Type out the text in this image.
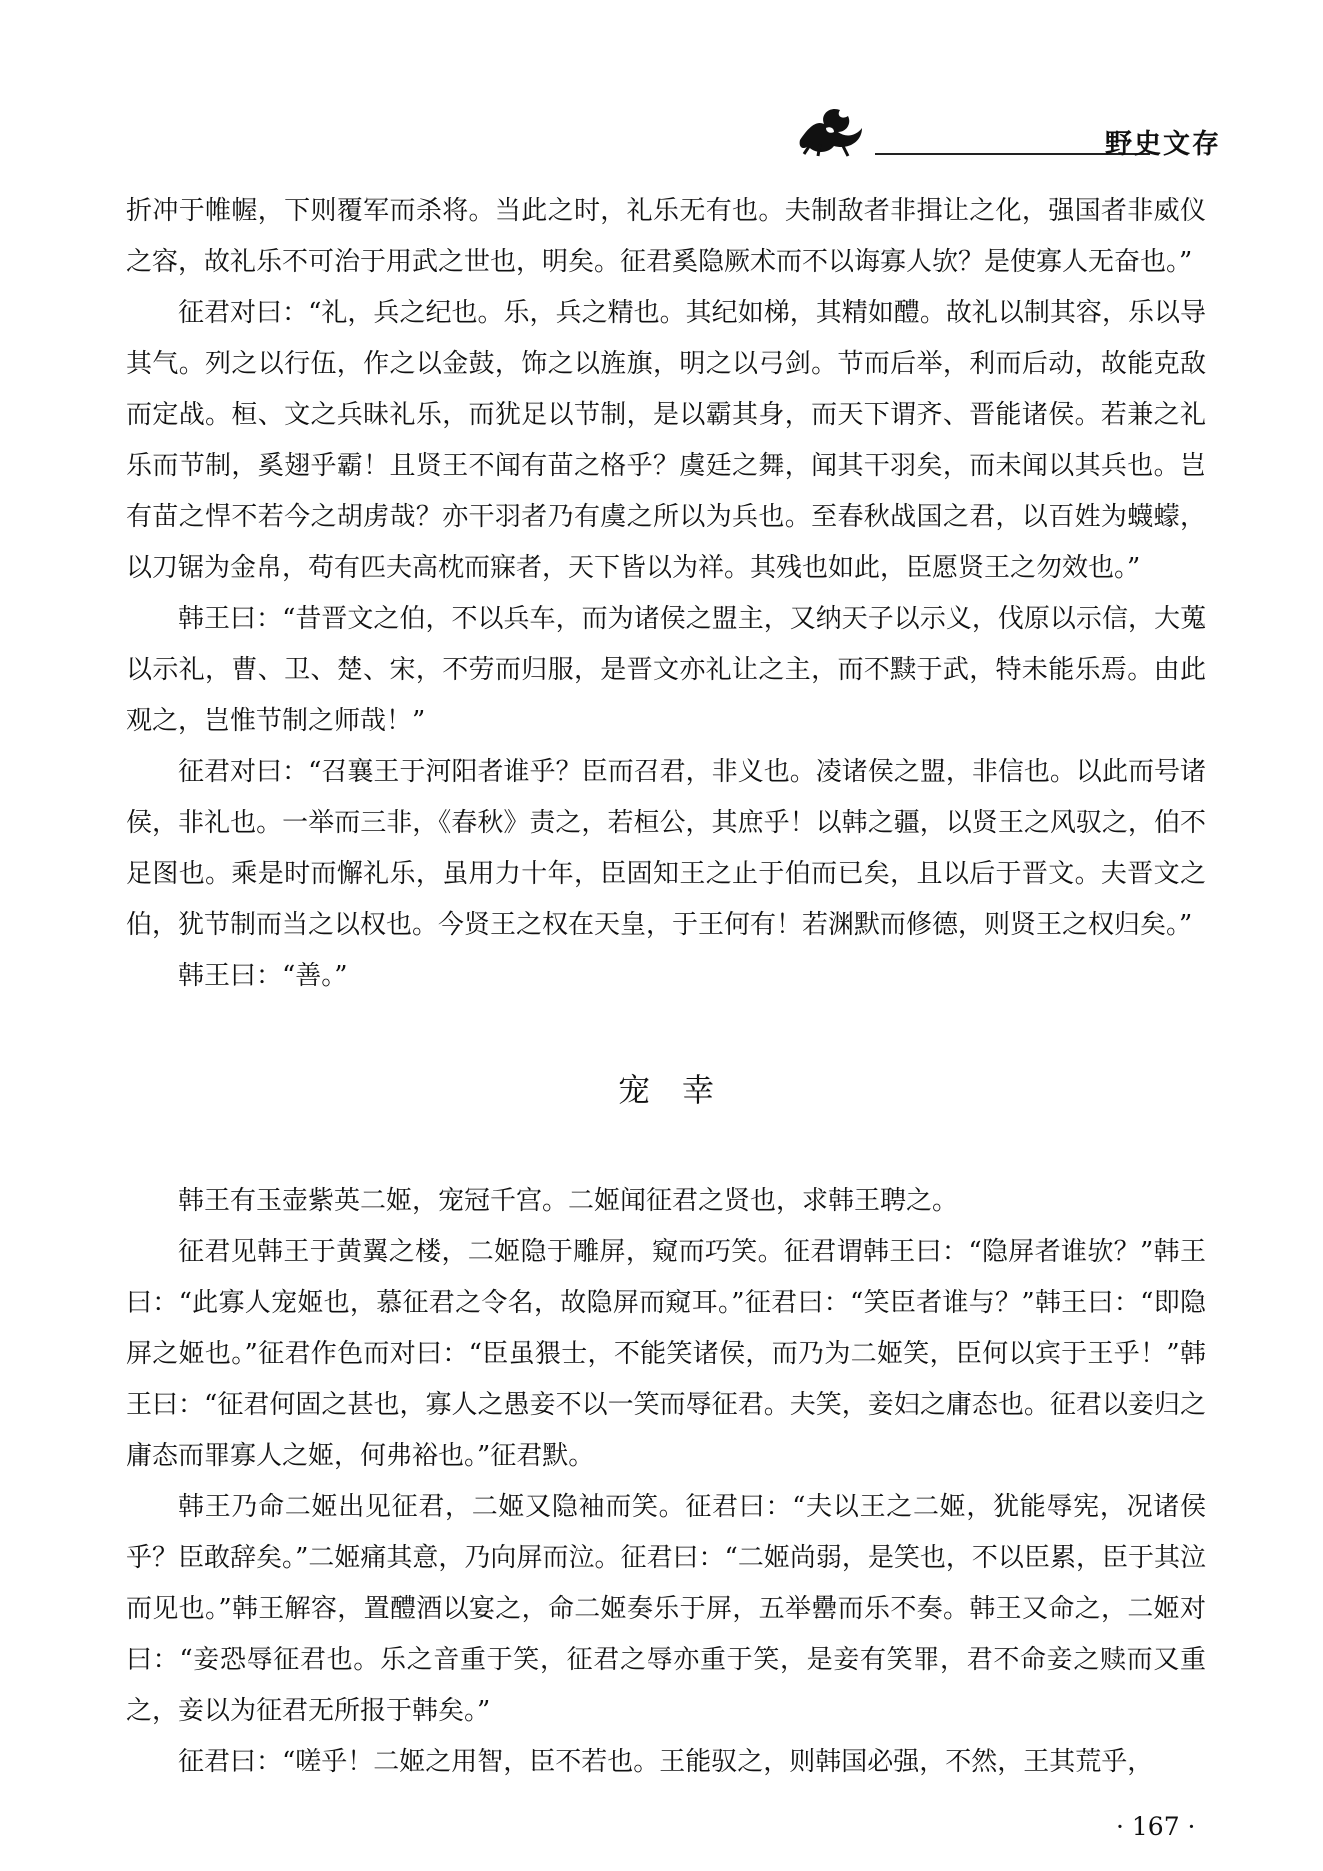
野史文存

折冲于帷幄，下则覆军而杀将。当此之时，礼乐无有也。夫制敌者非揖让之化，强国者非威仪之容，故礼乐不可治于用武之世也，明矣。征君奚隐厥术而不以诲寡人欤？是使寡人无奋也。”

征君对曰：“礼，兵之纪也。乐，兵之精也。其纪如梯，其精如醴。故礼以制其容，乐以导其气。列之以行伍，作之以金鼓，饰之以旌旗，明之以弓剑。节而后举，利而后动，故能克敌而定战。桓、文之兵昧礼乐，而犹足以节制，是以霸其身，而天下谓齐、晋能诸侯。若兼之礼乐而节制，奚翅乎霸！且贤王不闻有苗之格乎？虞廷之舞，闻其干羽矣，而未闻以其兵也。岂有苗之悍不若今之胡虏哉？亦干羽者乃有虞之所以为兵也。至春秋战国之君，以百姓为蠛蠓，以刀锯为金帛，苟有匹夫高枕而寐者，天下皆以为祥。其残也如此，臣愿贤王之勿效也。”

韩王曰：“昔晋文之伯，不以兵车，而为诸侯之盟主，又纳天子以示义，伐原以示信，大蒐以示礼，曹、卫、楚、宋，不劳而归服，是晋文亦礼让之主，而不黩于武，特未能乐焉。由此观之，岂惟节制之师哉！”

征君对曰：“召襄王于河阳者谁乎？臣而召君，非义也。凌诸侯之盟，非信也。以此而号诸侯，非礼也。一举而三非，《春秋》责之，若桓公，其庶乎！以韩之疆，以贤王之风驭之，伯不足图也。乘是时而懈礼乐，虽用力十年，臣固知王之止于伯而已矣，且以后于晋文。夫晋文之伯，犹节制而当之以权也。今贤王之权在天皇，于王何有！若渊默而修德，则贤王之权归矣。”

韩王曰：“善。”

宠幸

韩王有玉壶紫英二姬，宠冠千宫。二姬闻征君之贤也，求韩王聘之。

征君见韩王于黄翼之楼，二姬隐于雕屏，窥而巧笑。征君谓韩王曰：“隐屏者谁欤？”韩王曰：“此寡人宠姬也，慕征君之令名，故隐屏而窥耳。”征君曰：“笑臣者谁与？”韩王曰：“即隐屏之姬也。”征君作色而对曰：“臣虽猥士，不能笑诸侯，而乃为二姬笑，臣何以宾于王乎！”韩王曰：“征君何固之甚也，寡人之愚妾不以一笑而辱征君。夫笑，妾妇之庸态也。征君以妾归之庸态而罪寡人之姬，何弗裕也。”征君默。

韩王乃命二姬出见征君，二姬又隐袖而笑。征君曰：“夫以王之二姬，犹能辱宪，况诸侯乎？臣敢辞矣。”二姬痛其意，乃向屏而泣。征君曰：“二姬尚弱，是笑也，不以臣累，臣于其泣而见也。”韩王解容，置醴酒以宴之，命二姬奏乐于屏，五举罍而乐不奏。韩王又命之，二姬对曰：“妾恐辱征君也。乐之音重于笑，征君之辱亦重于笑，是妾有笑罪，君不命妾之赎而又重之，妾以为征君无所报于韩矣。”

征君曰：“嗟乎！二姬之用智，臣不若也。王能驭之，则韩国必强，不然，王其荒乎，

· 167 ·
